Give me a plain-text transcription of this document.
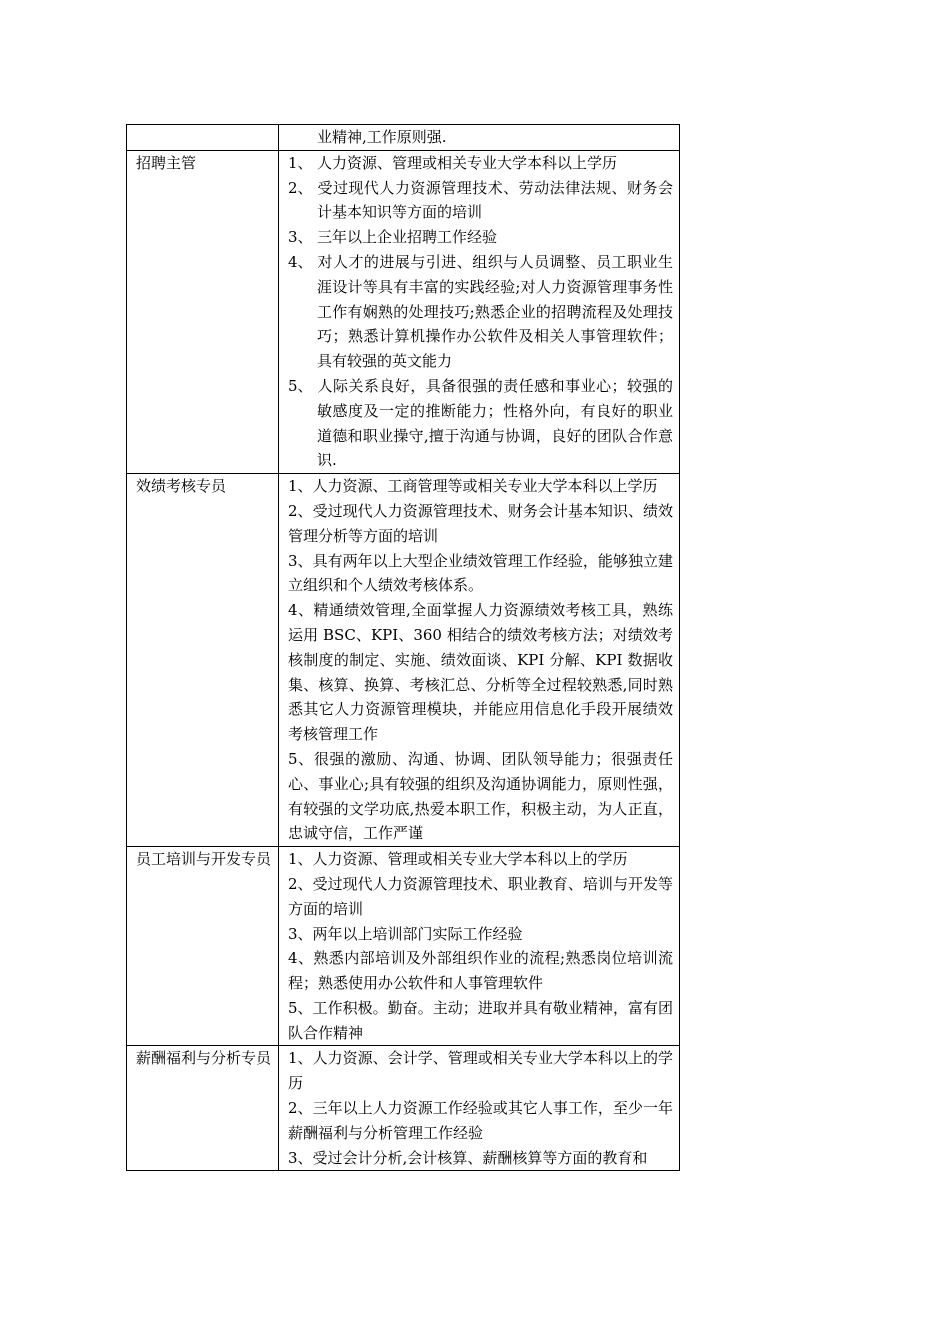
	业精神,工作原则强.

招聘主管	1、 人力资源、管理或相关专业大学本科以上学历
2、 受过现代人力资源管理技术、劳动法律法规、财务会计基本知识等方面的培训
3、 三年以上企业招聘工作经验
4、 对人才的进展与引进、组织与人员调整、员工职业生涯设计等具有丰富的实践经验;对人力资源管理事务性工作有娴熟的处理技巧;熟悉企业的招聘流程及处理技巧；熟悉计算机操作办公软件及相关人事管理软件；具有较强的英文能力
5、 人际关系良好，具备很强的责任感和事业心；较强的敏感度及一定的推断能力；性格外向，有良好的职业道德和职业操守,擅于沟通与协调，良好的团队合作意识.

效绩考核专员	1、人力资源、工商管理等或相关专业大学本科以上学历
2、受过现代人力资源管理技术、财务会计基本知识、绩效管理分析等方面的培训
3、具有两年以上大型企业绩效管理工作经验，能够独立建立组织和个人绩效考核体系。
4、精通绩效管理,全面掌握人力资源绩效考核工具，熟练运用 BSC、KPI、360 相结合的绩效考核方法；对绩效考核制度的制定、实施、绩效面谈、KPI 分解、KPI 数据收集、核算、换算、考核汇总、分析等全过程较熟悉,同时熟悉其它人力资源管理模块，并能应用信息化手段开展绩效考核管理工作
5、很强的激励、沟通、协调、团队领导能力；很强责任心、事业心;具有较强的组织及沟通协调能力，原则性强，有较强的文学功底,热爱本职工作，积极主动，为人正直，忠诚守信，工作严谨

员工培训与开发专员	1、人力资源、管理或相关专业大学本科以上的学历
2、受过现代人力资源管理技术、职业教育、培训与开发等方面的培训
3、两年以上培训部门实际工作经验
4、熟悉内部培训及外部组织作业的流程;熟悉岗位培训流程；熟悉使用办公软件和人事管理软件
5、工作积极。勤奋。主动；进取并具有敬业精神，富有团队合作精神

薪酬福利与分析专员	1、人力资源、会计学、管理或相关专业大学本科以上的学历
2、三年以上人力资源工作经验或其它人事工作，至少一年薪酬福利与分析管理工作经验
3、受过会计分析,会计核算、薪酬核算等方面的教育和
